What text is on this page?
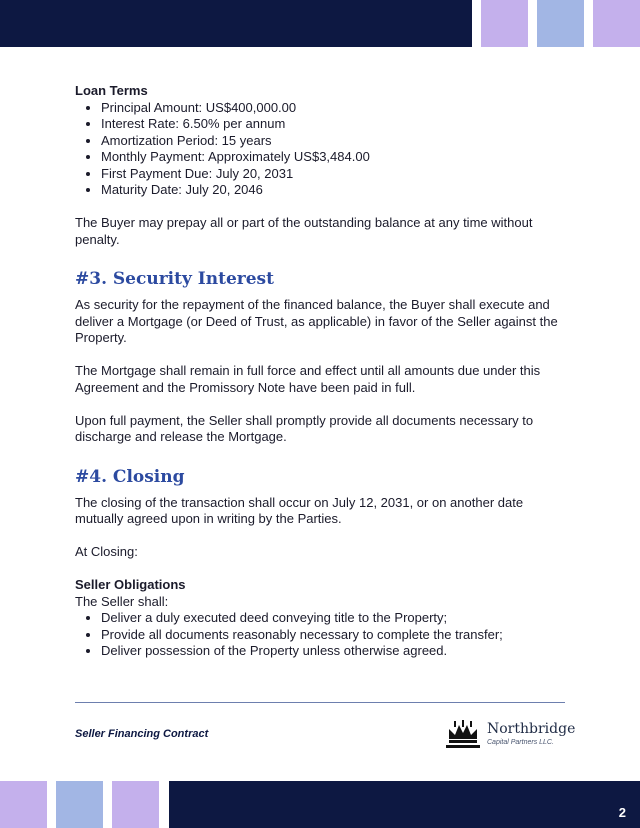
Loan Terms

• Principal Amount: US$400,000.00
• Interest Rate: 6.50% per annum
• Amortization Period: 15 years
• Monthly Payment: Approximately US$3,484.00
• First Payment Due: July 20, 2031
• Maturity Date: July 20, 2046

The Buyer may prepay all or part of the outstanding balance at any time without penalty.

#3. Security Interest

As security for the repayment of the financed balance, the Buyer shall execute and deliver a Mortgage (or Deed of Trust, as applicable) in favor of the Seller against the Property.

The Mortgage shall remain in full force and effect until all amounts due under this Agreement and the Promissory Note have been paid in full.

Upon full payment, the Seller shall promptly provide all documents necessary to discharge and release the Mortgage.

#4. Closing

The closing of the transaction shall occur on July 12, 2031, or on another date mutually agreed upon in writing by the Parties.

At Closing:

Seller Obligations

The Seller shall:

• Deliver a duly executed deed conveying title to the Property;
• Provide all documents reasonably necessary to complete the transfer;
• Deliver possession of the Property unless otherwise agreed.
Seller Financing Contract	Northbridge
Capital Partners LLC.
2
